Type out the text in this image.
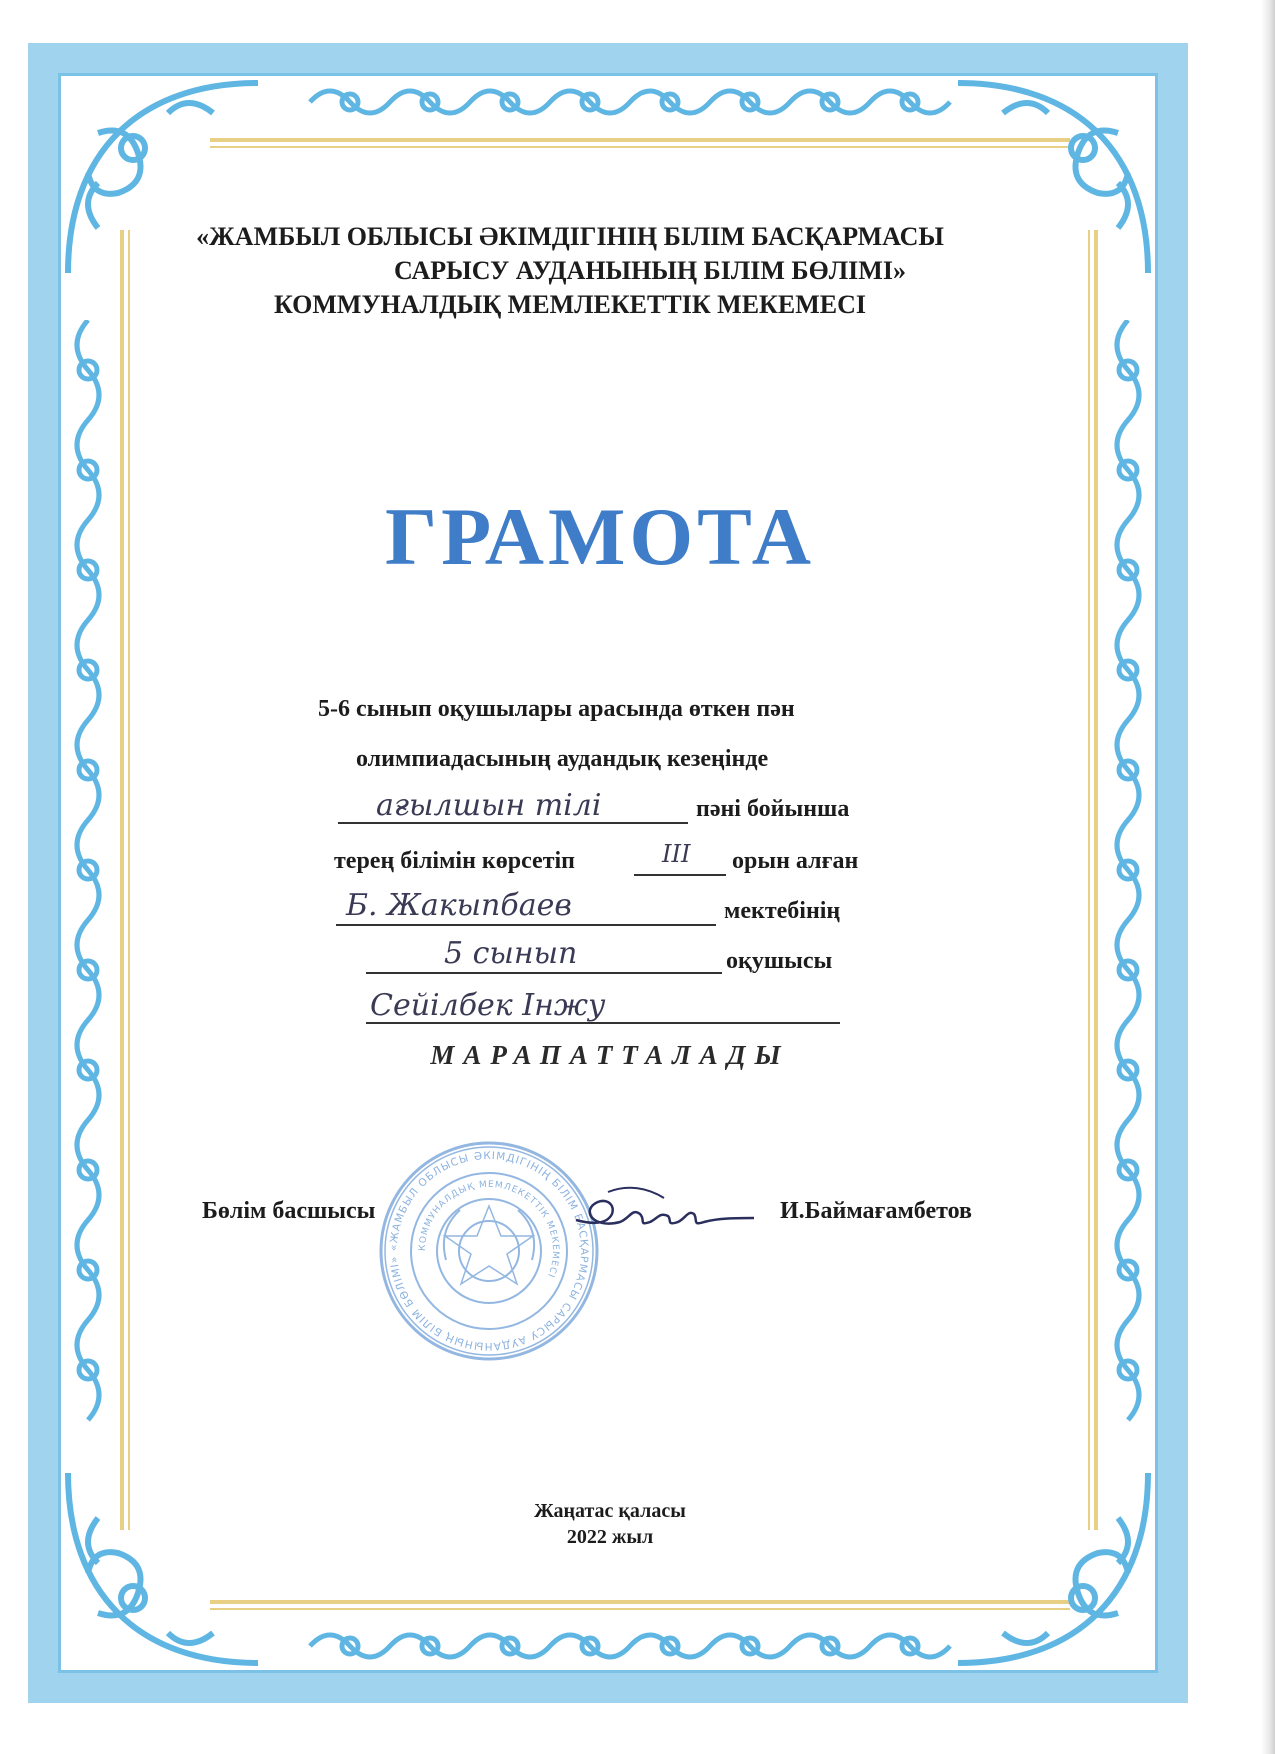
«ЖАМБЫЛ ОБЛЫСЫ ӘКІМДІГІНІҢ БІЛІМ БАСҚАРМАСЫ
САРЫСУ АУДАНЫНЫҢ БІЛІМ БӨЛІМІ»
КОММУНАЛДЫҚ МЕМЛЕКЕТТІК МЕКЕМЕСІ
ГРАМОТА
5-6 сынып оқушылары арасында өткен пән
олимпиадасының аудандық кезеңінде
ағылшын тілі	пәні бойынша
терең білімін көрсетіп	III орын алған
Б. Жакыпбаев	мектебінің
5 сынып	оқушысы
Сейілбек Інжу
МАРАПАТТАЛАДЫ
«ЖАМБЫЛ ОБЛЫСЫ ӘКІМДІГІНІҢ БІЛІМ БАСҚАРМАСЫ САРЫСУ АУДАНЫНЫҢ БІЛІМ БӨЛІМІ»
КОММУНАЛДЫҚ МЕМЛЕКЕТТІК МЕКЕМЕСІ
Бөлім басшысы	И.Баймағамбетов
Жаңатас қаласы
2022 жыл
